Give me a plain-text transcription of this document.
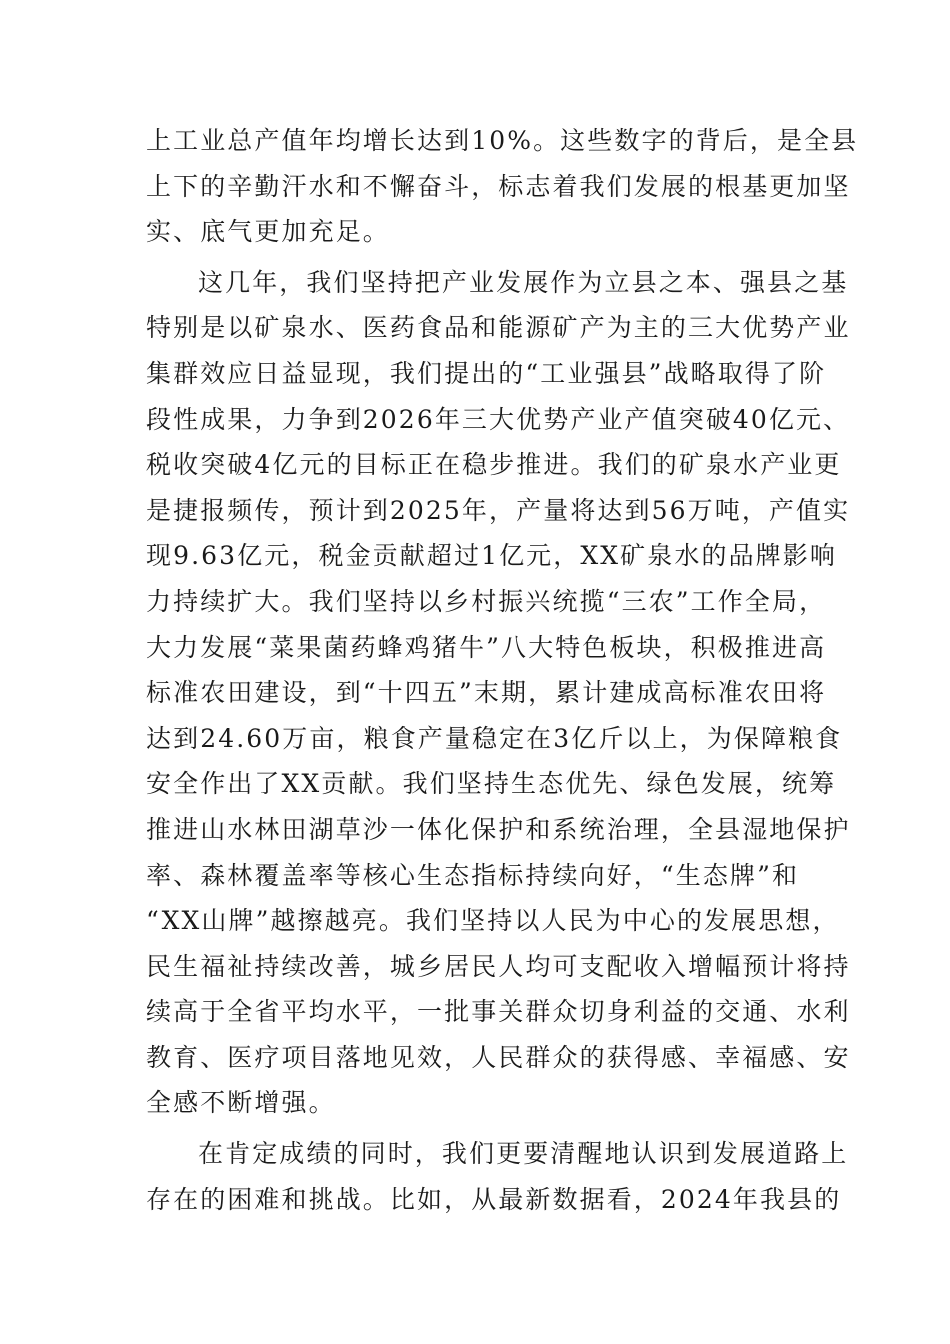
上工业总产值年均增长达到10%。这些数字的背后，是全县
上下的辛勤汗水和不懈奋斗，标志着我们发展的根基更加坚
实、底气更加充足。
这几年，我们坚持把产业发展作为立县之本、强县之基
特别是以矿泉水、医药食品和能源矿产为主的三大优势产业
集群效应日益显现，我们提出的“工业强县”战略取得了阶
段性成果，力争到2026年三大优势产业产值突破40亿元、
税收突破4亿元的目标正在稳步推进。我们的矿泉水产业更
是捷报频传，预计到2025年，产量将达到56万吨，产值实
现9.63亿元，税金贡献超过1亿元，XX矿泉水的品牌影响
力持续扩大。我们坚持以乡村振兴统揽“三农”工作全局，
大力发展“菜果菌药蜂鸡猪牛”八大特色板块，积极推进高
标准农田建设，到“十四五”末期，累计建成高标准农田将
达到24.60万亩，粮食产量稳定在3亿斤以上，为保障粮食
安全作出了XX贡献。我们坚持生态优先、绿色发展，统筹
推进山水林田湖草沙一体化保护和系统治理，全县湿地保护
率、森林覆盖率等核心生态指标持续向好，“生态牌”和
“XX山牌”越擦越亮。我们坚持以人民为中心的发展思想，
民生福祉持续改善，城乡居民人均可支配收入增幅预计将持
续高于全省平均水平，一批事关群众切身利益的交通、水利
教育、医疗项目落地见效，人民群众的获得感、幸福感、安
全感不断增强。
在肯定成绩的同时，我们更要清醒地认识到发展道路上
存在的困难和挑战。比如，从最新数据看，2024年我县的
